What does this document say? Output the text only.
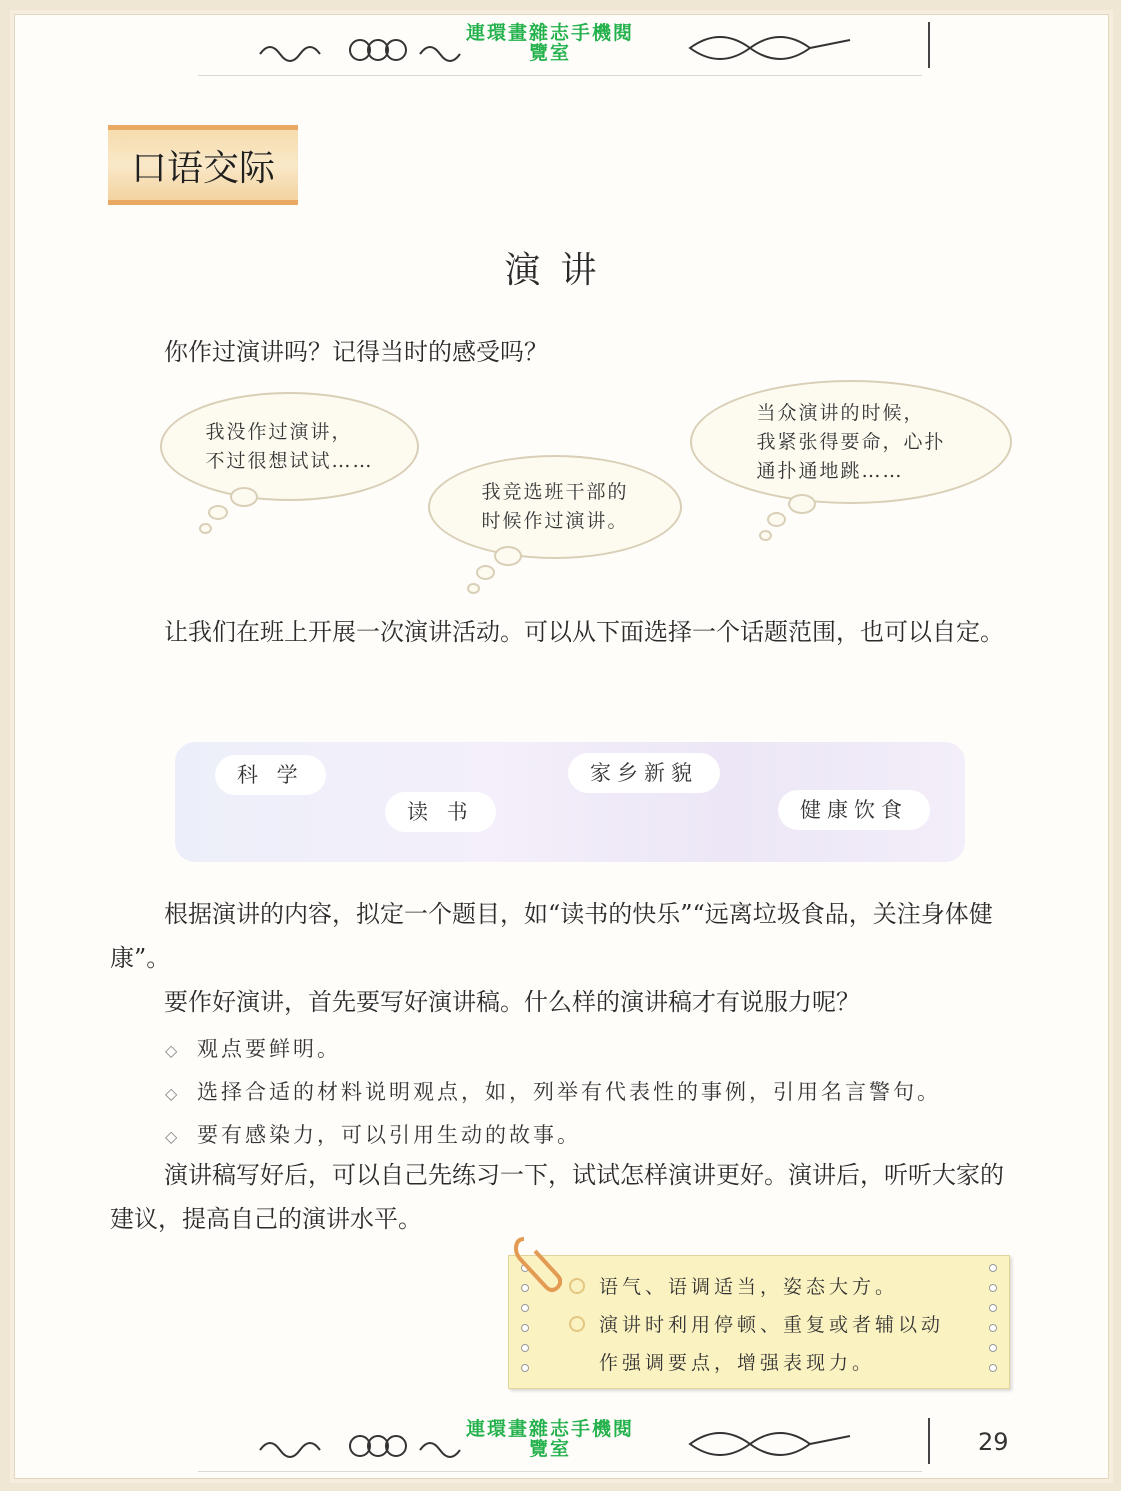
連環畫雜志手機閱
覽室
口语交际
演讲

你作过演讲吗？记得当时的感受吗？

我没作过演讲，
不过很想试试……
我竞选班干部的
时候作过演讲。
当众演讲的时候，
我紧张得要命，心扑
通扑通地跳……

让我们在班上开展一次演讲活动。可以从下面选择一个话题范围，也可以自定。

科 学
读 书
家乡新貌
健康饮食

根据演讲的内容，拟定一个题目，如“读书的快乐”“远离垃圾食品，关注身体健康”。

要作好演讲，首先要写好演讲稿。什么样的演讲稿才有说服力呢？

◇ 观点要鲜明。
◇ 选择合适的材料说明观点，如，列举有代表性的事例，引用名言警句。
◇ 要有感染力，可以引用生动的故事。

演讲稿写好后，可以自己先练习一下，试试怎样演讲更好。演讲后，听听大家的建议，提高自己的演讲水平。

语气、语调适当，姿态大方。
演讲时利用停顿、重复或者辅以动
作强调要点，增强表现力。
連環畫雜志手機閱
覽室	29
